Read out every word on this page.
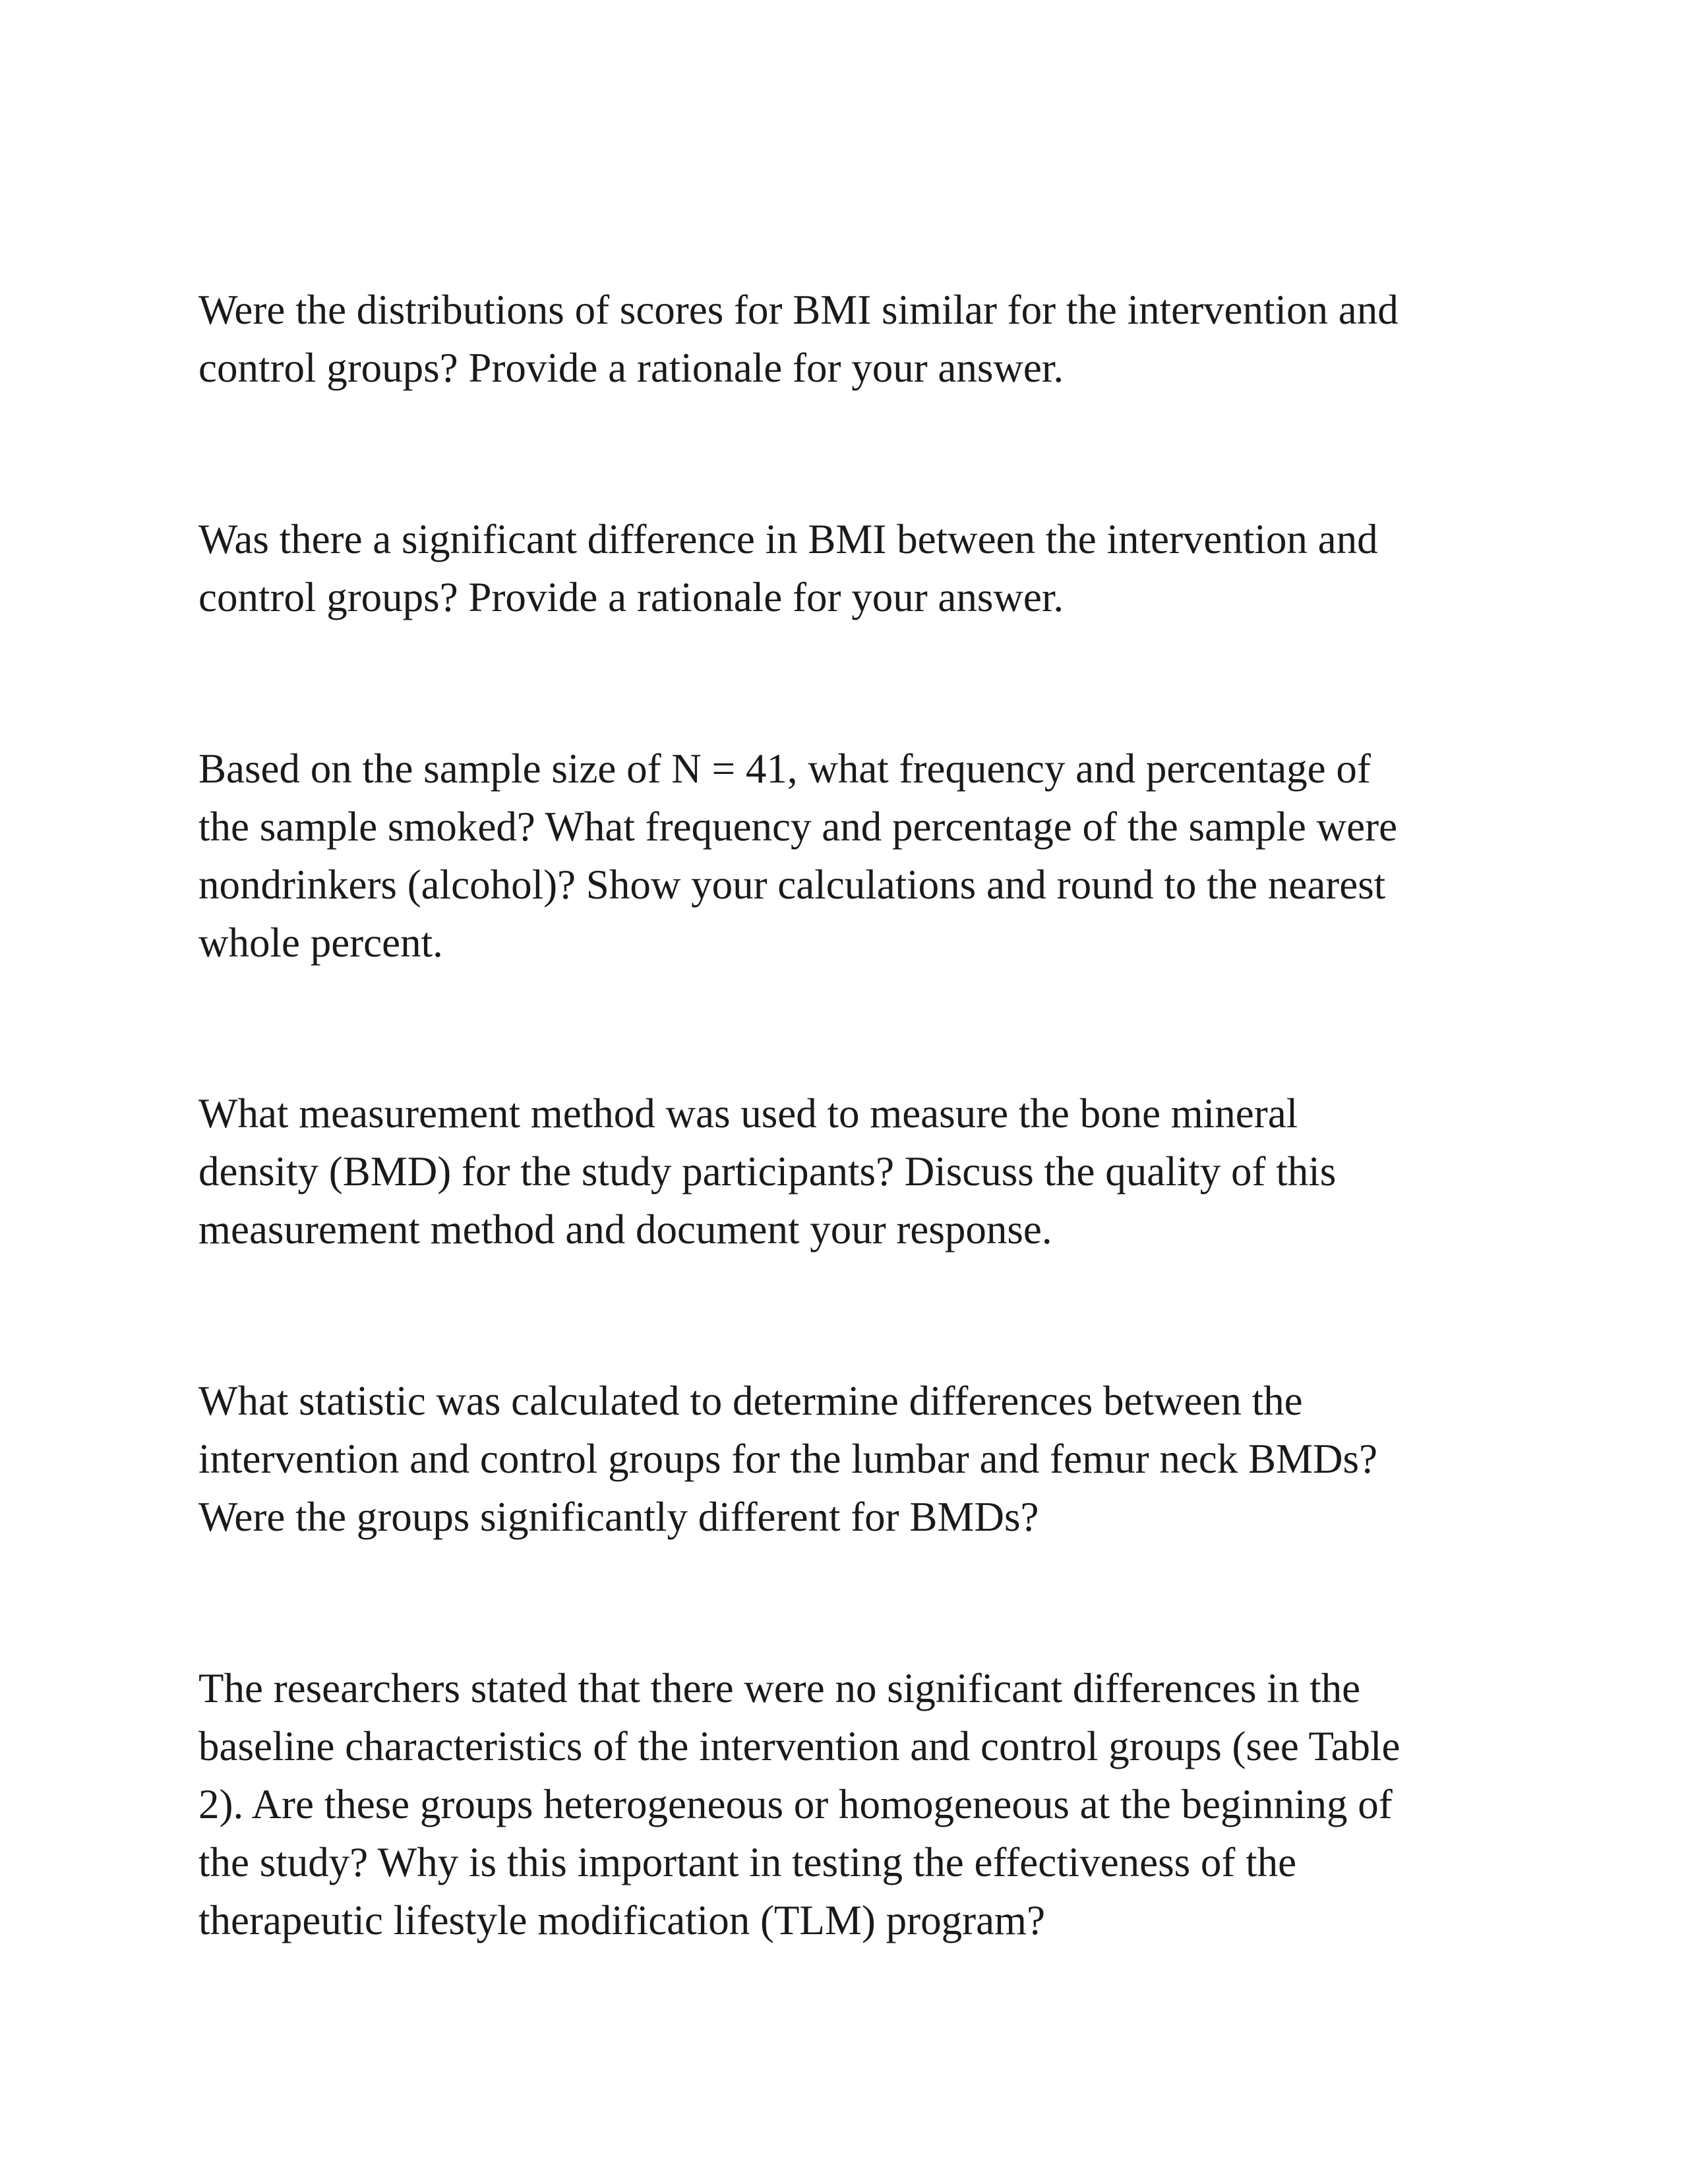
Were the distributions of scores for BMI similar for the intervention and
control groups? Provide a rationale for your answer.

Was there a significant difference in BMI between the intervention and
control groups? Provide a rationale for your answer.

Based on the sample size of N = 41, what frequency and percentage of
the sample smoked? What frequency and percentage of the sample were
nondrinkers (alcohol)? Show your calculations and round to the nearest
whole percent.

What measurement method was used to measure the bone mineral
density (BMD) for the study participants? Discuss the quality of this
measurement method and document your response.

What statistic was calculated to determine differences between the
intervention and control groups for the lumbar and femur neck BMDs?
Were the groups significantly different for BMDs?

The researchers stated that there were no significant differences in the
baseline characteristics of the intervention and control groups (see Table
2). Are these groups heterogeneous or homogeneous at the beginning of
the study? Why is this important in testing the effectiveness of the
therapeutic lifestyle modification (TLM) program?
